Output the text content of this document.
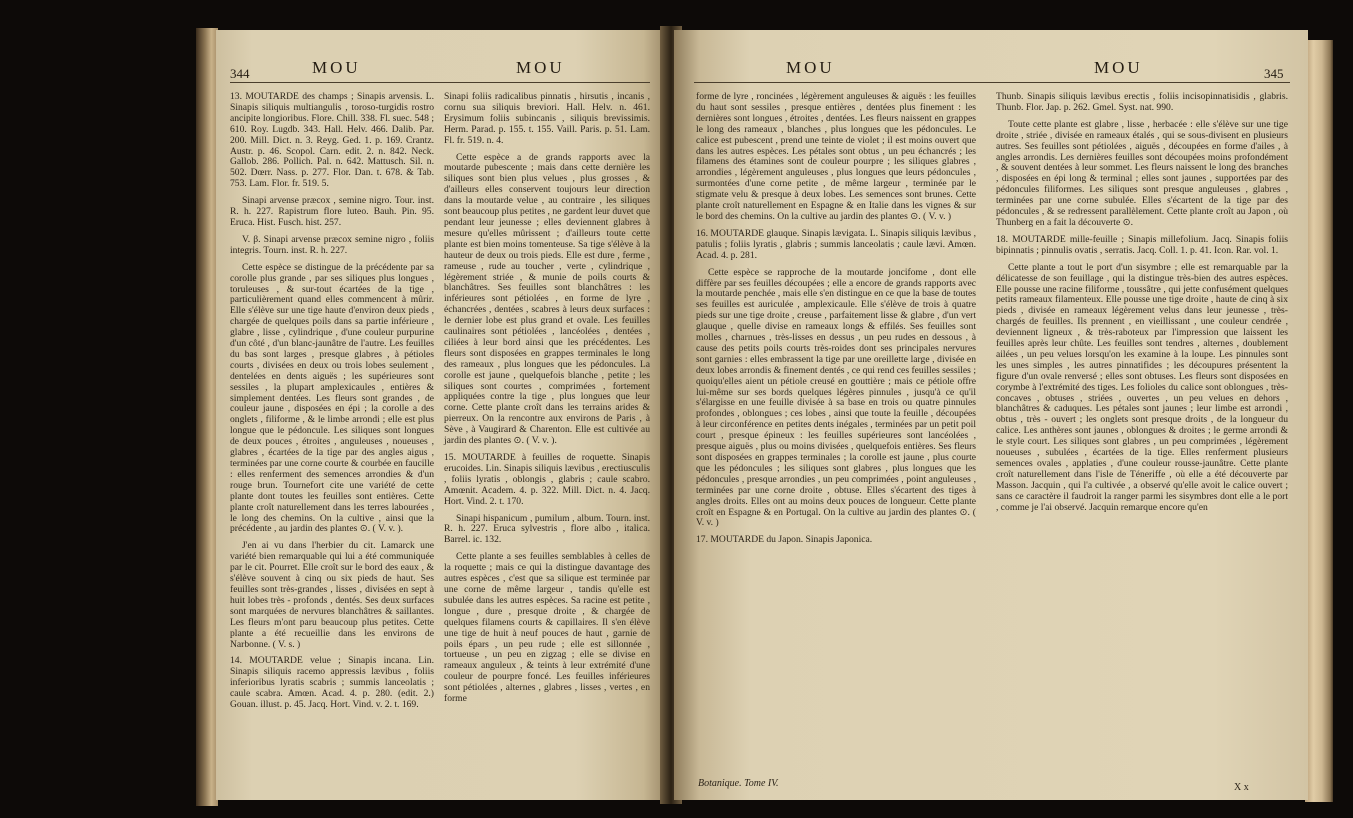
344	MOU	MOU

13. MOUTARDE des champs ; Sinapis arvensis. L. Sinapis siliquis multiangulis , toroso-turgidis rostro ancipite longioribus. Flore. Chill. 338. Fl. suec. 548 ; 610. Roy. Lugdb. 343. Hall. Helv. 466. Dalib. Par. 200. Mill. Dict. n. 3. Reyg. Ged. 1. p. 169. Crantz. Austr. p. 46. Scopol. Carn. edit. 2. n. 842. Neck. Gallob. 286. Pollich. Pal. n. 642. Mattusch. Sil. n. 502. Dœrr. Nass. p. 277. Flor. Dan. t. 678. & Tab. 753. Lam. Flor. fr. 519. 5.

Sinapi arvense præcox , semine nigro. Tour. inst. R. h. 227. Rapistrum flore luteo. Bauh. Pin. 95. Eruca. Hist. Fusch. hist. 257.

V. β. Sinapi arvense præcox semine nigro , foliis integris. Tourn. inst. R. h. 227.

Cette espèce se distingue de la précédente par sa corolle plus grande , par ses siliques plus longues , toruleuses , & sur-tout écartées de la tige , particulièrement quand elles commencent à mûrir. Elle s'élève sur une tige haute d'environ deux pieds , chargée de quelques poils dans sa partie inférieure , glabre , lisse , cylindrique , d'une couleur purpurine d'un côté , d'un blanc-jaunâtre de l'autre. Les feuilles du bas sont larges , presque glabres , à pétioles courts , divisées en deux ou trois lobes seulement , dentelées en dents aiguës ; les supérieures sont sessiles , la plupart amplexicaules , entières & simplement dentées. Les fleurs sont grandes , de couleur jaune , disposées en épi ; la corolle a des onglets , filiforme , & le limbe arrondi ; elle est plus longue que le pédoncule. Les siliques sont longues de deux pouces , étroites , anguleuses , noueuses , glabres , écartées de la tige par des angles aigus , terminées par une corne courte & courbée en faucille : elles renferment des semences arrondies & d'un rouge brun. Tournefort cite une variété de cette plante dont toutes les feuilles sont entières. Cette plante croît naturellement dans les terres labourées , le long des chemins. On la cultive , ainsi que la précédente , au jardin des plantes ⊙. ( V. v. ).

J'en ai vu dans l'herbier du cit. Lamarck une variété bien remarquable qui lui a été communiquée par le cit. Pourret. Elle croît sur le bord des eaux , & s'élève souvent à cinq ou six pieds de haut. Ses feuilles sont très-grandes , lisses , divisées en sept à huit lobes très - profonds , dentés. Ses deux surfaces sont marquées de nervures blanchâtres & saillantes. Les fleurs m'ont paru beaucoup plus petites. Cette plante a été recueillie dans les environs de Narbonne. ( V. s. )

14. MOUTARDE velue ; Sinapis incana. Lin. Sinapis siliquis racemo appressis lævibus , foliis inferioribus lyratis scabris ; summis lanceolatis ; caule scabra. Amœn. Acad. 4. p. 280. (edit. 2.) Gouan. illust. p. 45. Jacq. Hort. Vind. v. 2. t. 169.

Sinapi foliis radicalibus pinnatis , hirsutis , incanis , cornu sua siliquis breviori. Hall. Helv. n. 461. Erysimum foliis subincanis , siliquis brevissimis. Herm. Parad. p. 155. t. 155. Vaill. Paris. p. 51. Lam. Fl. fr. 519. n. 4.

Cette espèce a de grands rapports avec la moutarde pubescente ; mais dans cette dernière les siliques sont bien plus velues , plus grosses , & d'ailleurs elles conservent toujours leur direction dans la moutarde velue , au contraire , les siliques sont beaucoup plus petites , ne gardent leur duvet que pendant leur jeunesse ; elles deviennent glabres à mesure qu'elles mûrissent ; d'ailleurs toute cette plante est bien moins tomenteuse. Sa tige s'élève à la hauteur de deux ou trois pieds. Elle est dure , ferme , rameuse , rude au toucher , verte , cylindrique , légèrement striée , & munie de poils courts & blanchâtres. Ses feuilles sont blanchâtres : les inférieures sont pétiolées , en forme de lyre , échancrées , dentées , scabres à leurs deux surfaces : le dernier lobe est plus grand et ovale. Les feuilles caulinaires sont pétiolées , lancéolées , dentées , ciliées à leur bord ainsi que les précédentes. Les fleurs sont disposées en grappes terminales le long des rameaux , plus longues que les pédoncules. La corolle est jaune , quelquefois blanche , petite ; les siliques sont courtes , comprimées , fortement appliquées contre la tige , plus longues que leur corne. Cette plante croît dans les terrains arides & pierreux. On la rencontre aux environs de Paris , à Sève , à Vaugirard & Charenton. Elle est cultivée au jardin des plantes ⊙. ( V. v. ).

15. MOUTARDE à feuilles de roquette. Sinapis erucoides. Lin. Sinapis siliquis lævibus , erectiusculis , foliis lyratis , oblongis , glabris ; caule scabro. Amœnit. Academ. 4. p. 322. Mill. Dict. n. 4. Jacq. Hort. Vind. 2. t. 170.

Sinapi hispanicum , pumilum , album. Tourn. inst. R. h. 227. Eruca sylvestris , flore albo , italica. Barrel. ic. 132.

Cette plante a ses feuilles semblables à celles de la roquette ; mais ce qui la distingue davantage des autres espèces , c'est que sa silique est terminée par une corne de même largeur , tandis qu'elle est subulée dans les autres espèces. Sa racine est petite , longue , dure , presque droite , & chargée de quelques filamens courts & capillaires. Il s'en élève une tige de huit à neuf pouces de haut , garnie de poils épars , un peu rude ; elle est sillonnée , tortueuse , un peu en zigzag ; elle se divise en rameaux anguleux , & teints à leur extrémité d'une couleur de pourpre foncé. Les feuilles inférieures sont pétiolées , alternes , glabres , lisses , vertes , en forme

MOU	MOU	345

forme de lyre , roncinées , légèrement anguleuses & aiguës : les feuilles du haut sont sessiles , presque entières , dentées plus finement : les dernières sont longues , étroites , dentées. Les fleurs naissent en grappes le long des rameaux , blanches , plus longues que les pédoncules. Le calice est pubescent , prend une teinte de violet ; il est moins ouvert que dans les autres espèces. Les pétales sont obtus , un peu échancrés ; les filamens des étamines sont de couleur pourpre ; les siliques glabres , arrondies , légèrement anguleuses , plus longues que leurs pédoncules , surmontées d'une corne petite , de même largeur , terminée par le stigmate velu & presque à deux lobes. Les semences sont brunes. Cette plante croît naturellement en Espagne & en Italie dans les vignes & sur le bord des chemins. On la cultive au jardin des plantes ⊙. ( V. v. )

16. MOUTARDE glauque. Sinapis lævigata. L. Sinapis siliquis lævibus , patulis ; foliis lyratis , glabris ; summis lanceolatis ; caule lævi. Amœn. Acad. 4. p. 281.

Cette espèce se rapproche de la moutarde joncifome , dont elle diffère par ses feuilles découpées ; elle a encore de grands rapports avec la moutarde penchée , mais elle s'en distingue en ce que la base de toutes ses feuilles est auriculée , amplexicaule. Elle s'élève de trois à quatre pieds sur une tige droite , creuse , parfaitement lisse & glabre , d'un vert glauque , quelle divise en rameaux longs & effilés. Ses feuilles sont molles , charnues , très-lisses en dessus , un peu rudes en dessous , à cause des petits poils courts très-roides dont ses principales nervures sont garnies : elles embrassent la tige par une oreillette large , divisée en deux lobes arrondis & finement dentés , ce qui rend ces feuilles sessiles ; quoiqu'elles aient un pétiole creusé en gouttière ; mais ce pétiole offre lui-même sur ses bords quelques légères pinnules , jusqu'à ce qu'il s'élargisse en une feuille divisée à sa base en trois ou quatre pinnules profondes , oblongues ; ces lobes , ainsi que toute la feuille , découpées à leur circonférence en petites dents inégales , terminées par un petit poil court , presque épineux : les feuilles supérieures sont lancéolées , presque aiguës , plus ou moins divisées , quelquefois entières. Ses fleurs sont disposées en grappes terminales ; la corolle est jaune , plus courte que les pédoncules ; les siliques sont glabres , plus longues que les pédoncules , presque arrondies , un peu comprimées , point anguleuses , terminées par une corne droite , obtuse. Elles s'écartent des tiges à angles droits. Elles ont au moins deux pouces de longueur. Cette plante croît en Espagne & en Portugal. On la cultive au jardin des plantes ⊙. ( V. v. )

17. MOUTARDE du Japon. Sinapis Japonica.

Botanique. Tome IV.

Thunb. Sinapis siliquis lævibus erectis , foliis incisopinnatisidis , glabris. Thunb. Flor. Jap. p. 262. Gmel. Syst. nat. 990.

Toute cette plante est glabre , lisse , herbacée : elle s'élève sur une tige droite , striée , divisée en rameaux étalés , qui se sous-divisent en plusieurs autres. Ses feuilles sont pétiolées , aiguës , découpées en forme d'ailes , à angles arrondis. Les dernières feuilles sont découpées moins profondément , & souvent dentées à leur sommet. Les fleurs naissent le long des branches , disposées en épi long & terminal ; elles sont jaunes , supportées par des pédoncules filiformes. Les siliques sont presque anguleuses , glabres , terminées par une corne subulée. Elles s'écartent de la tige par des pédoncules , & se redressent parallèlement. Cette plante croît au Japon , où Thunberg en a fait la découverte ⊙.

18. MOUTARDE mille-feuille ; Sinapis millefolium. Jacq. Sinapis foliis bipinnatis ; pinnulis ovatis , serratis. Jacq. Coll. 1. p. 41. Icon. Rar. vol. 1.

Cette plante a tout le port d'un sisymbre ; elle est remarquable par la délicatesse de son feuillage , qui la distingue très-bien des autres espèces. Elle pousse une racine filiforme , toussâtre , qui jette confusément quelques petits rameaux filamenteux. Elle pousse une tige droite , haute de cinq à six pieds , divisée en rameaux légèrement velus dans leur jeunesse , très-chargés de feuilles. Ils prennent , en vieillissant , une couleur cendrée , deviennent ligneux , & très-raboteux par l'impression que laissent les feuilles après leur chûte. Les feuilles sont tendres , alternes , doublement ailées , un peu velues lorsqu'on les examine à la loupe. Les pinnules sont les unes simples , les autres pinnatifides ; les découpures présentent la figure d'un ovale renversé ; elles sont obtuses. Les fleurs sont disposées en corymbe à l'extrémité des tiges. Les folioles du calice sont oblongues , très-concaves , obtuses , striées , ouvertes , un peu velues en dehors , blanchâtres & caduques. Les pétales sont jaunes ; leur limbe est arrondi , obtus , très - ouvert ; les onglets sont presque droits , de la longueur du calice. Les anthères sont jaunes , oblongues & droites ; le germe arrondi & le style court. Les siliques sont glabres , un peu comprimées , légèrement noueuses , subulées , écartées de la tige. Elles renferment plusieurs semences ovales , applaties , d'une couleur rousse-jaunâtre. Cette plante croît naturellement dans l'isle de Téneriffe , où elle a été découverte par Masson. Jacquin , qui l'a cultivée , a observé qu'elle avoit le calice ouvert ; sans ce caractère il faudroit la ranger parmi les sisymbres dont elle a le port , comme je l'ai observé. Jacquin remarque encore qu'en

X x
